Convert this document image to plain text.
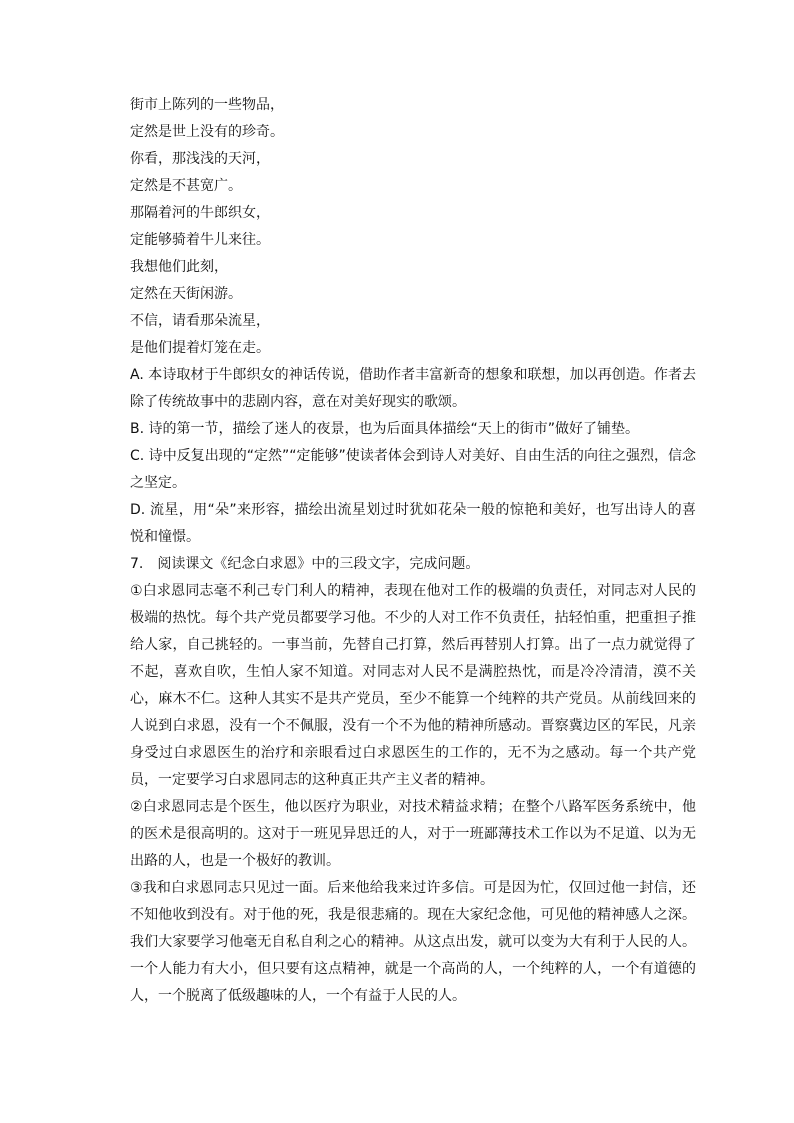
街市上陈列的一些物品，
定然是世上没有的珍奇。
你看，那浅浅的天河，
定然是不甚宽广。
那隔着河的牛郎织女，
定能够骑着牛儿来往。
我想他们此刻，
定然在天街闲游。
不信，请看那朵流星，
是他们提着灯笼在走。
A. 本诗取材于牛郎织女的神话传说，借助作者丰富新奇的想象和联想，加以再创造。作者去除了传统故事中的悲剧内容，意在对美好现实的歌颂。
B. 诗的第一节，描绘了迷人的夜景，也为后面具体描绘“天上的街市”做好了铺垫。
C. 诗中反复出现的“定然”“定能够”使读者体会到诗人对美好、自由生活的向往之强烈，信念之坚定。
D. 流星，用“朵”来形容，描绘出流星划过时犹如花朵一般的惊艳和美好，也写出诗人的喜悦和憧憬。
7.　阅读课文《纪念白求恩》中的三段文字，完成问题。
①白求恩同志毫不利己专门利人的精神，表现在他对工作的极端的负责任，对同志对人民的极端的热忱。每个共产党员都要学习他。不少的人对工作不负责任，拈轻怕重，把重担子推给人家，自己挑轻的。一事当前，先替自己打算，然后再替别人打算。出了一点力就觉得了不起，喜欢自吹，生怕人家不知道。对同志对人民不是满腔热忱，而是冷冷清清，漠不关心，麻木不仁。这种人其实不是共产党员，至少不能算一个纯粹的共产党员。从前线回来的人说到白求恩，没有一个不佩服，没有一个不为他的精神所感动。晋察冀边区的军民，凡亲身受过白求恩医生的治疗和亲眼看过白求恩医生的工作的，无不为之感动。每一个共产党员，一定要学习白求恩同志的这种真正共产主义者的精神。
②白求恩同志是个医生，他以医疗为职业，对技术精益求精；在整个八路军医务系统中，他的医术是很高明的。这对于一班见异思迁的人，对于一班鄙薄技术工作以为不足道、以为无出路的人，也是一个极好的教训。
③我和白求恩同志只见过一面。后来他给我来过许多信。可是因为忙，仅回过他一封信，还不知他收到没有。对于他的死，我是很悲痛的。现在大家纪念他，可见他的精神感人之深。我们大家要学习他毫无自私自利之心的精神。从这点出发，就可以变为大有利于人民的人。一个人能力有大小，但只要有这点精神，就是一个高尚的人，一个纯粹的人，一个有道德的人，一个脱离了低级趣味的人，一个有益于人民的人。
